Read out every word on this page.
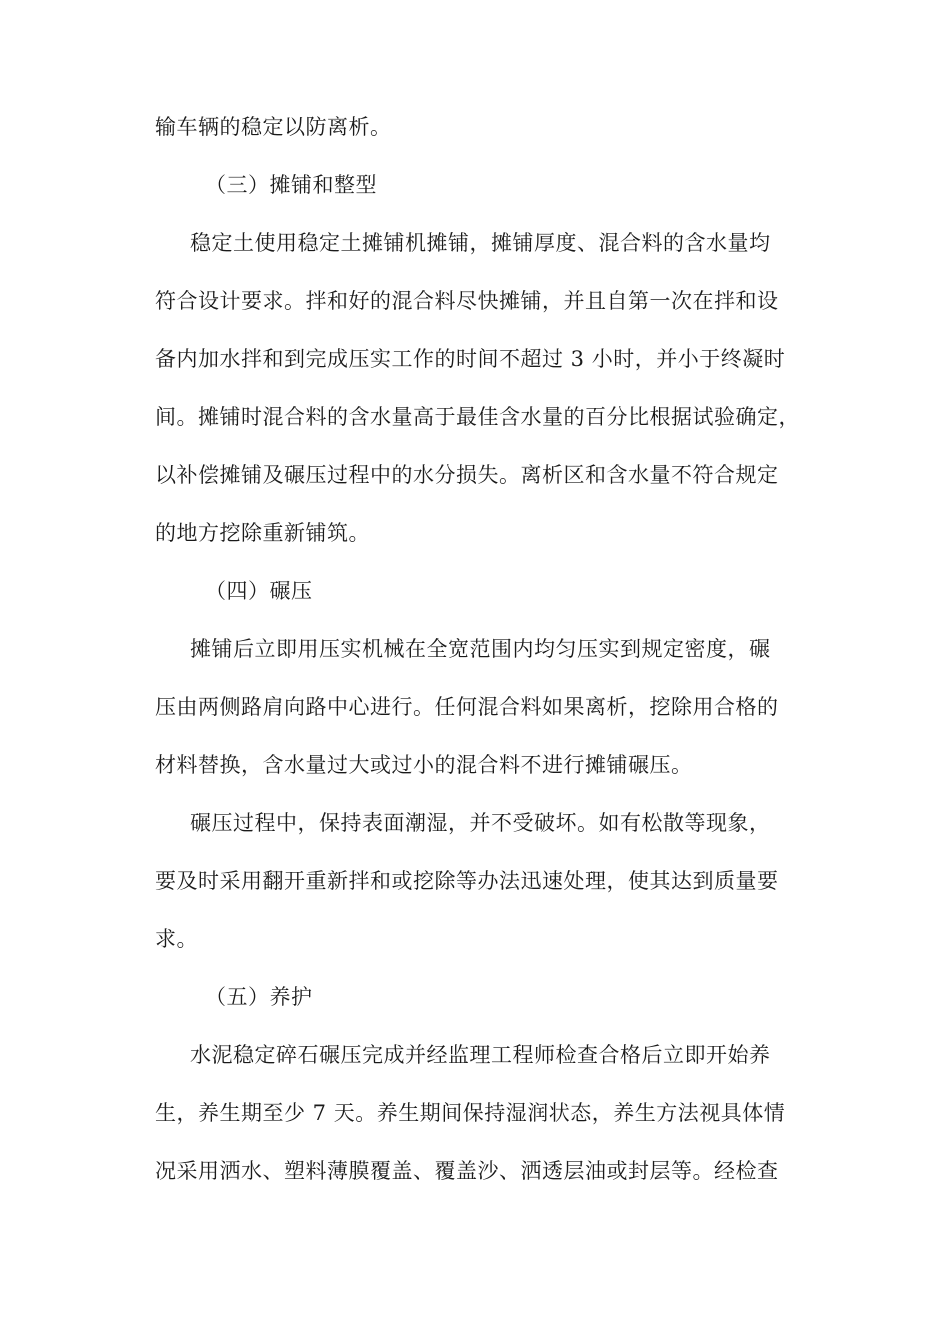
输车辆的稳定以防离析。
（三）摊铺和整型
稳定土使用稳定土摊铺机摊铺，摊铺厚度、混合料的含水量均
符合设计要求。拌和好的混合料尽快摊铺，并且自第一次在拌和设
备内加水拌和到完成压实工作的时间不超过 3 小时，并小于终凝时
间。摊铺时混合料的含水量高于最佳含水量的百分比根据试验确定，
以补偿摊铺及碾压过程中的水分损失。离析区和含水量不符合规定
的地方挖除重新铺筑。
（四）碾压
摊铺后立即用压实机械在全宽范围内均匀压实到规定密度，碾
压由两侧路肩向路中心进行。任何混合料如果离析，挖除用合格的
材料替换，含水量过大或过小的混合料不进行摊铺碾压。
碾压过程中，保持表面潮湿，并不受破坏。如有松散等现象，
要及时采用翻开重新拌和或挖除等办法迅速处理，使其达到质量要
求。
（五）养护
水泥稳定碎石碾压完成并经监理工程师检查合格后立即开始养
生，养生期至少 7 天。养生期间保持湿润状态，养生方法视具体情
况采用洒水、塑料薄膜覆盖、覆盖沙、洒透层油或封层等。经检查
